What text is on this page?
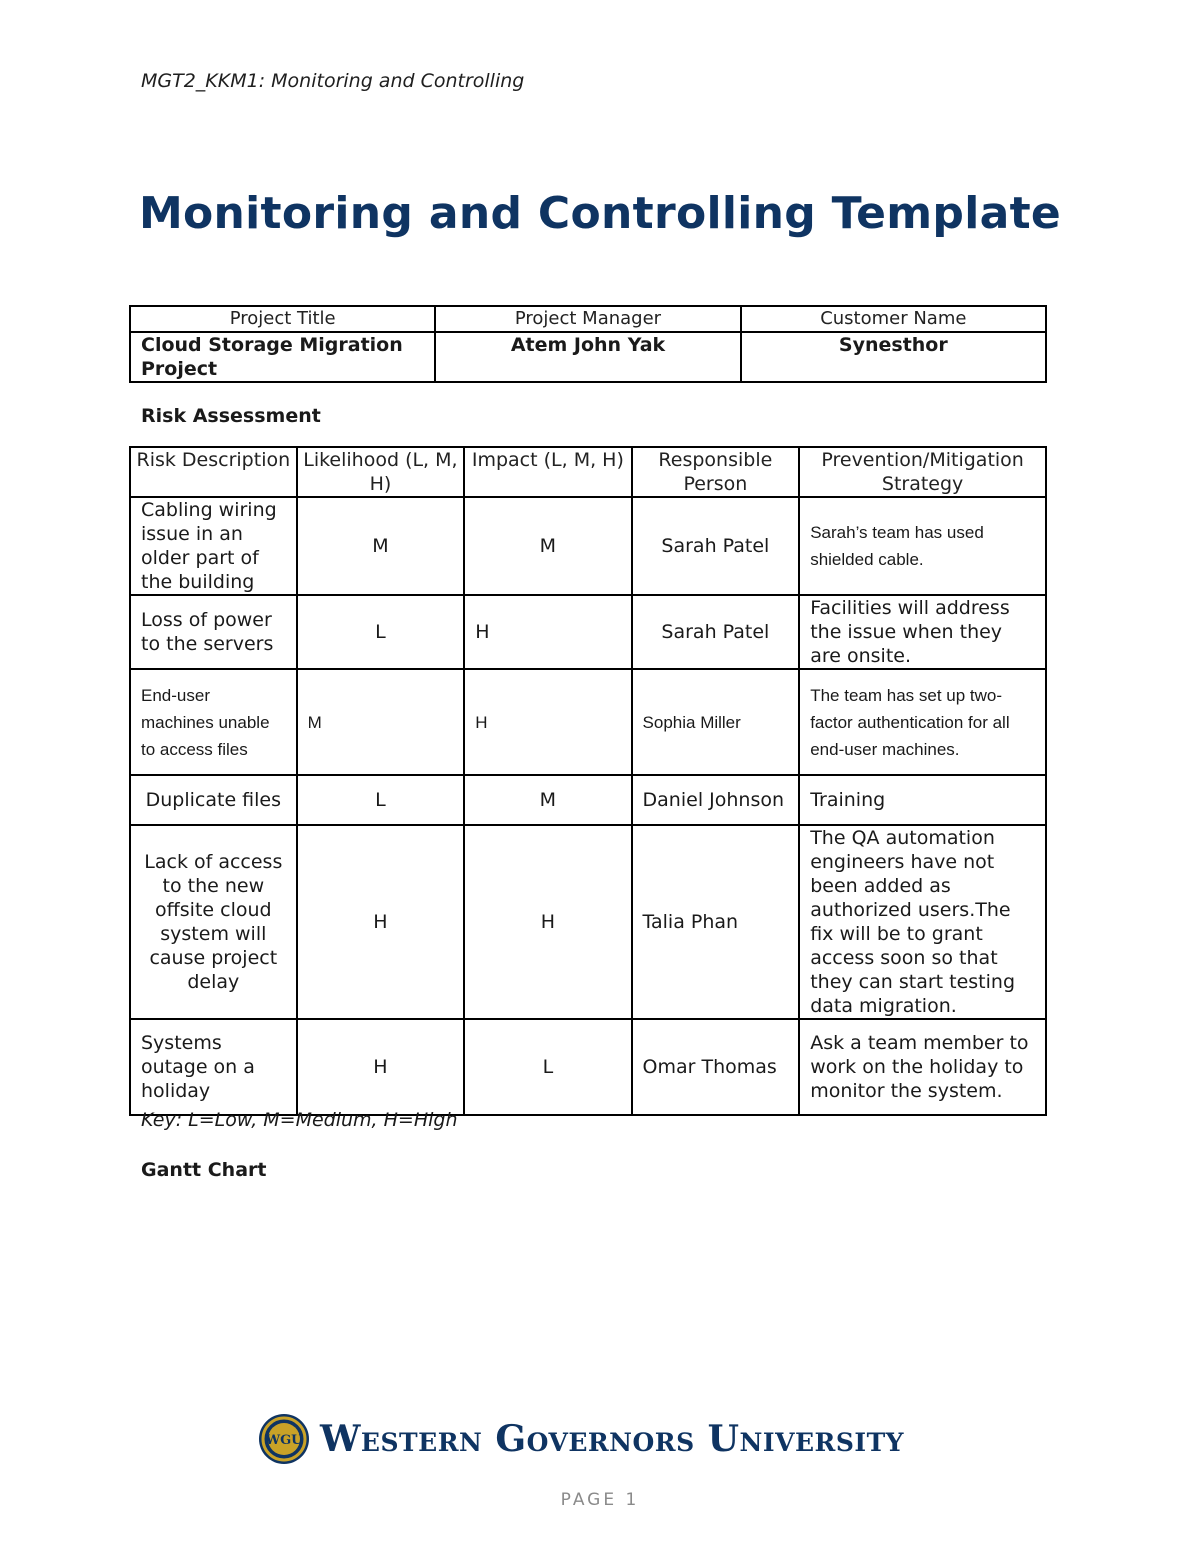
MGT2_KKM1: Monitoring and Controlling
Monitoring and Controlling Template
Project Title	Project Manager	Customer Name
Cloud Storage Migration Project	Atem John Yak	Synesthor
Risk Assessment
Risk Description	Likelihood (L, M, H)	Impact (L, M, H)	Responsible Person	Prevention/Mitigation Strategy
Cabling wiring issue in an older part of the building	M	M	Sarah Patel	Sarah’s team has used shielded cable.
Loss of power to the servers	L	H	Sarah Patel	Facilities will address the issue when they are onsite.
End-user machines unable to access files	M	H	Sophia Miller	The team has set up two-factor authentication for all end-user machines.
Duplicate files	L	M	Daniel Johnson	Training
Lack of access to the new offsite cloud system will cause project delay	H	H	Talia Phan	The QA automation engineers have not been added as authorized users.The fix will be to grant access soon so that they can start testing data migration.
Systems outage on a holiday	H	L	Omar Thomas	Ask a team member to work on the holiday to monitor the system.
Key: L=Low, M=Medium, H=High
Gantt Chart
WGU Western Governors University
PAGE 1
